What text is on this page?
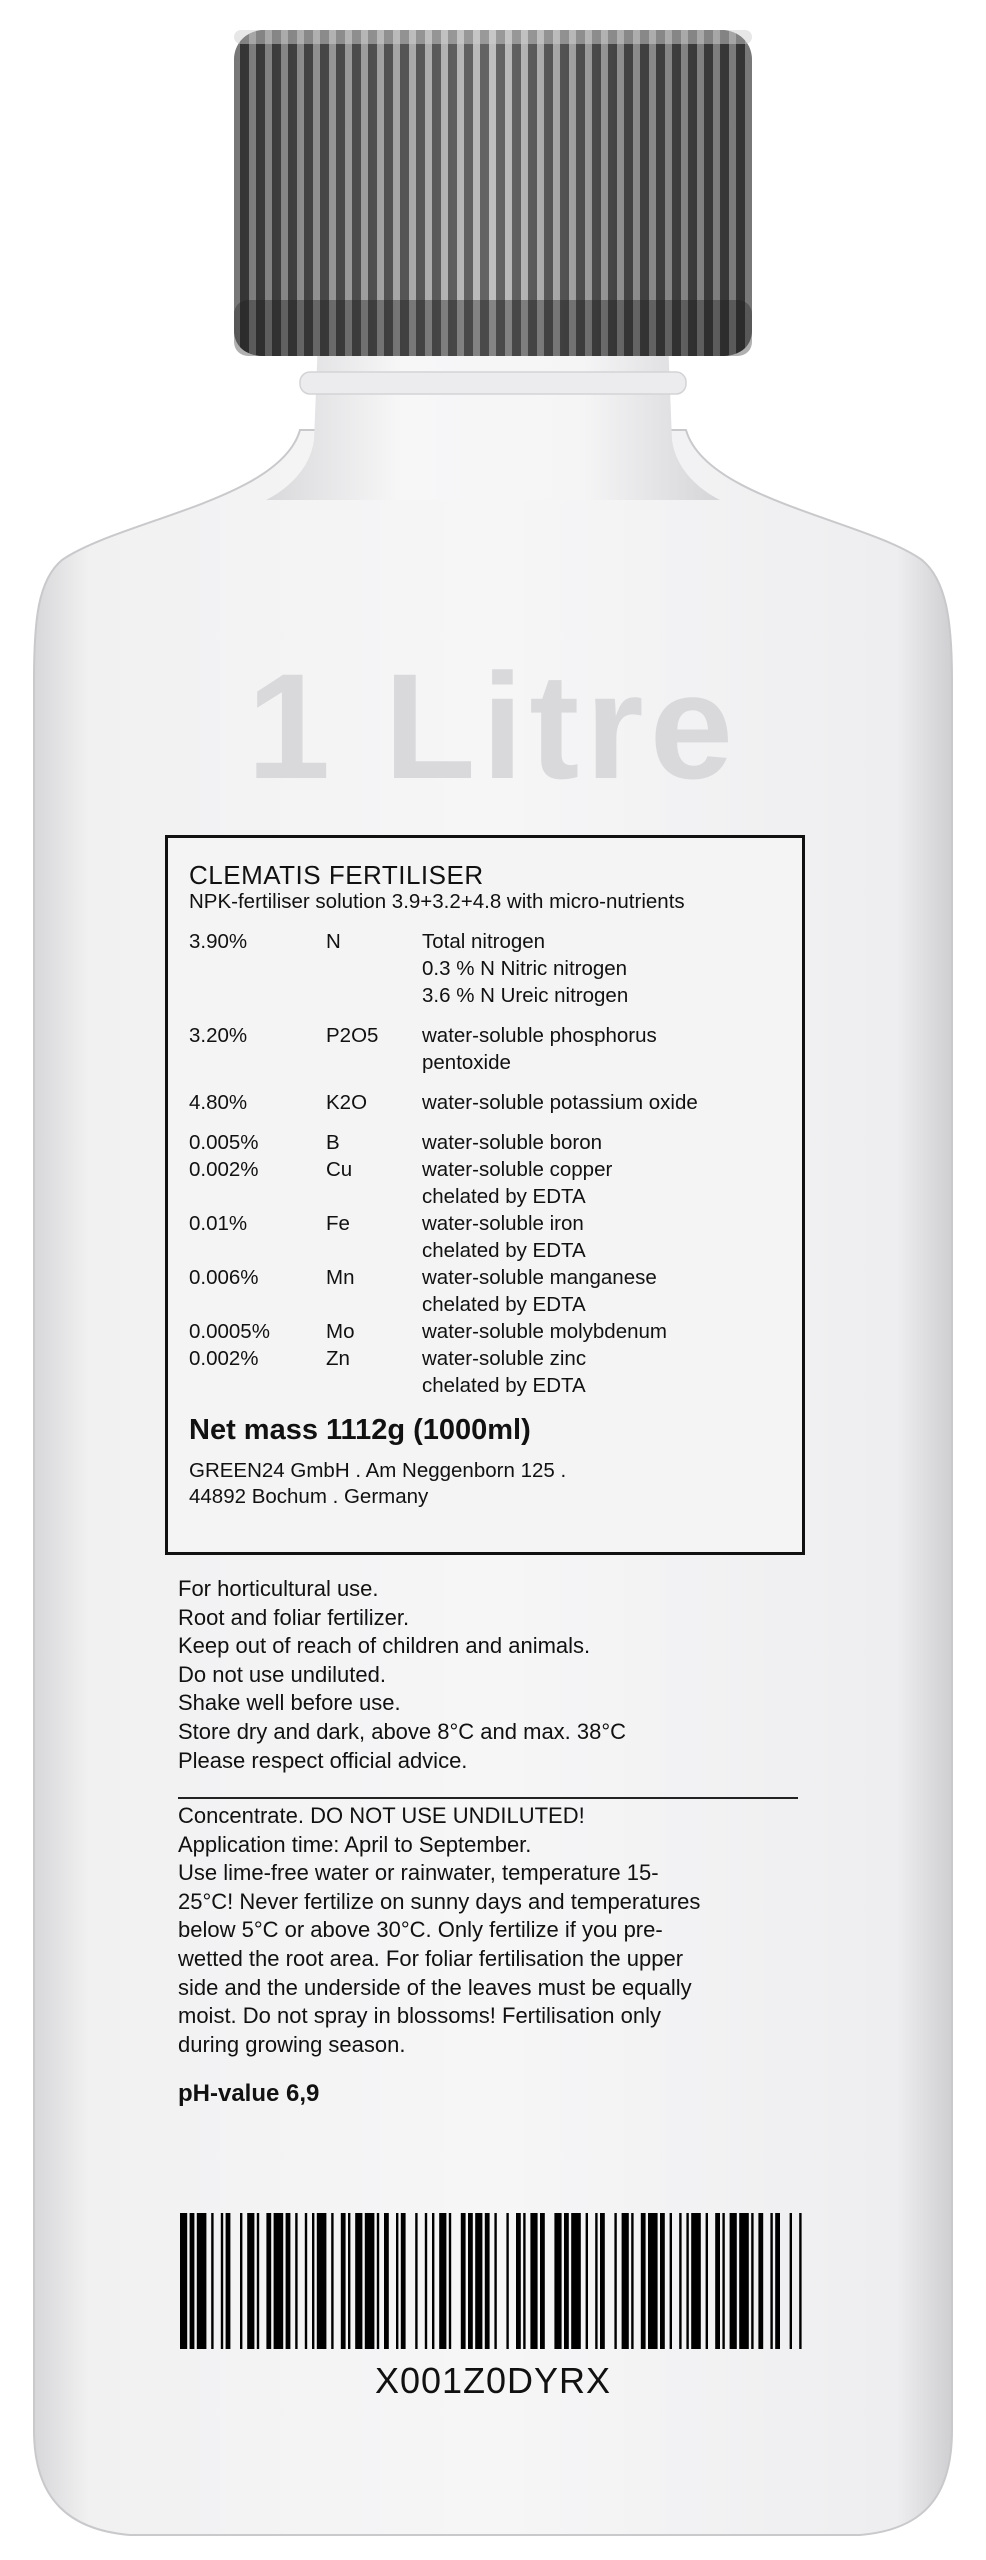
1 Litre
CLEMATIS FERTILISER
NPK-fertiliser solution 3.9+3.2+4.8 with micro-nutrients
3.90%	N	Total nitrogen
0.3 % N Nitric nitrogen
3.6 % N Ureic nitrogen
3.20%	P2O5	water-soluble phosphorus
pentoxide
4.80%	K2O	water-soluble potassium oxide
0.005%	B	water-soluble boron
0.002%	Cu	water-soluble copper
chelated by EDTA
0.01%	Fe	water-soluble iron
chelated by EDTA
0.006%	Mn	water-soluble manganese
chelated by EDTA
0.0005%	Mo	water-soluble molybdenum
0.002%	Zn	water-soluble zinc
chelated by EDTA
Net mass 1112g (1000ml)
GREEN24 GmbH . Am Neggenborn 125 .
44892 Bochum . Germany
For horticultural use.
Root and foliar fertilizer.
Keep out of reach of children and animals.
Do not use undiluted.
Shake well before use.
Store dry and dark, above 8°C and max. 38°C
Please respect official advice.
Concentrate. DO NOT USE UNDILUTED!
Application time: April to September.
Use lime-free water or rainwater, temperature 15-
25°C! Never fertilize on sunny days and temperatures
below 5°C or above 30°C. Only fertilize if you pre-
wetted the root area. For foliar fertilisation the upper
side and the underside of the leaves must be equally
moist. Do not spray in blossoms! Fertilisation only
during growing season.
pH-value 6,9
X001Z0DYRX
